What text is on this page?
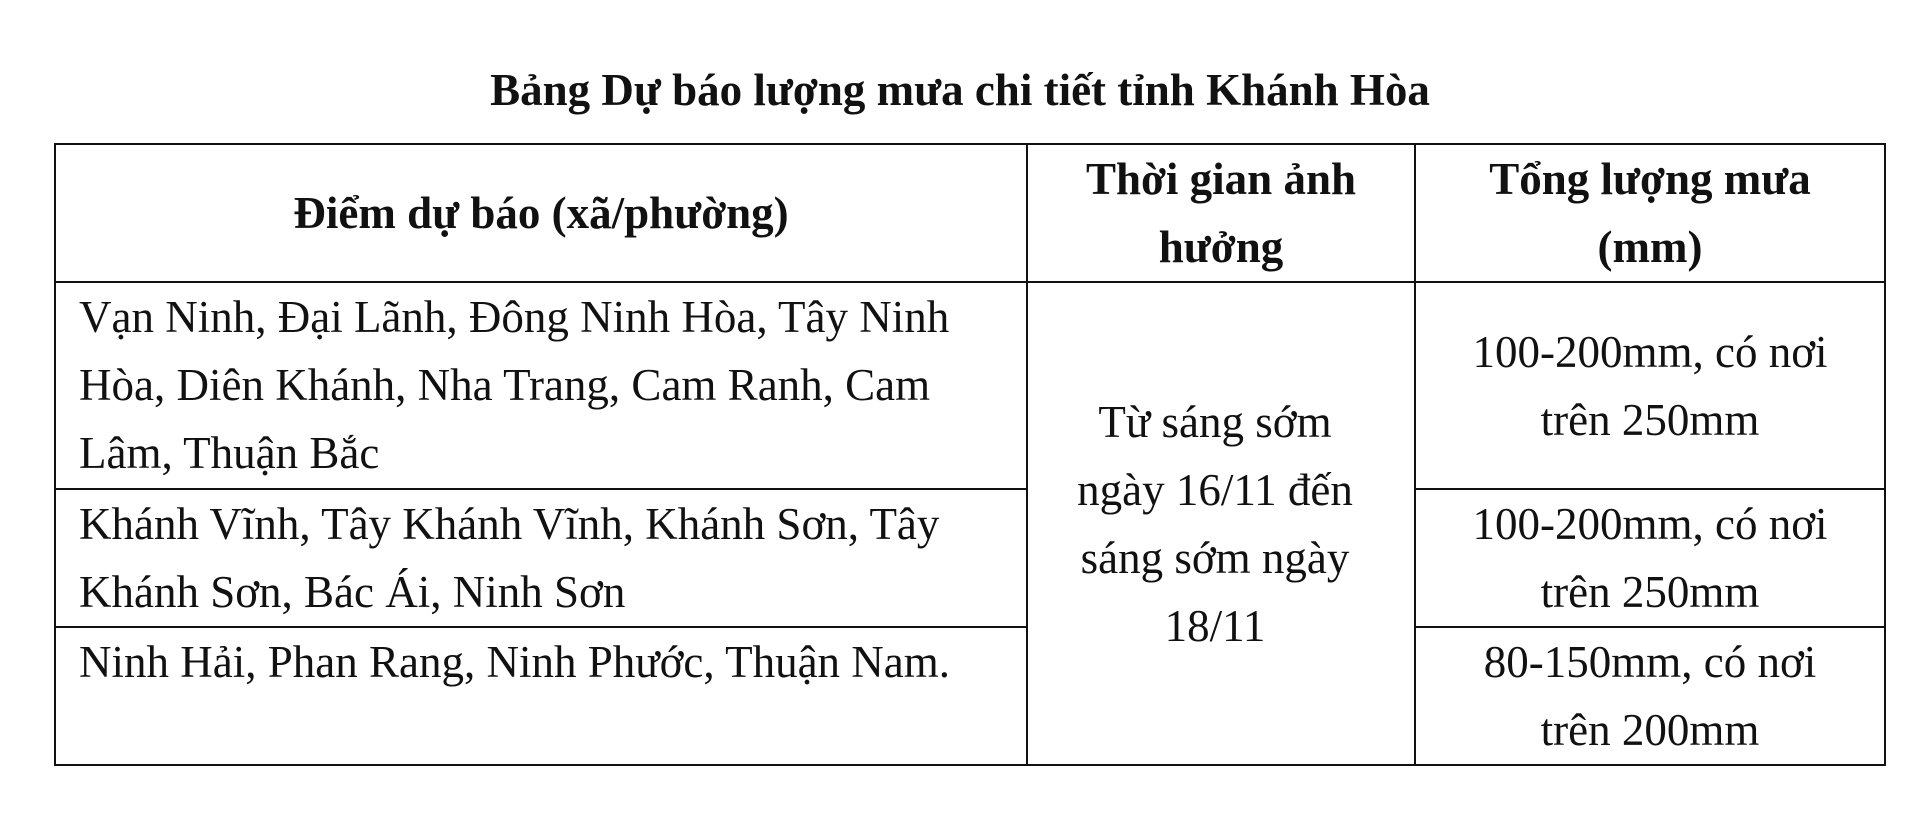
Bảng Dự báo lượng mưa chi tiết tỉnh Khánh Hòa
Điểm dự báo (xã/phường)	Thời gian ảnh hưởng	Tổng lượng mưa (mm)
Vạn Ninh, Đại Lãnh, Đông Ninh Hòa, Tây Ninh Hòa, Diên Khánh, Nha Trang, Cam Ranh, Cam Lâm, Thuận Bắc	Từ sáng sớm ngày 16/11 đến sáng sớm ngày 18/11	100-200mm, có nơi trên 250mm
Khánh Vĩnh, Tây Khánh Vĩnh, Khánh Sơn, Tây Khánh Sơn, Bác Ái, Ninh Sơn		100-200mm, có nơi trên 250mm
Ninh Hải, Phan Rang, Ninh Phước, Thuận Nam.		80-150mm, có nơi trên 200mm
